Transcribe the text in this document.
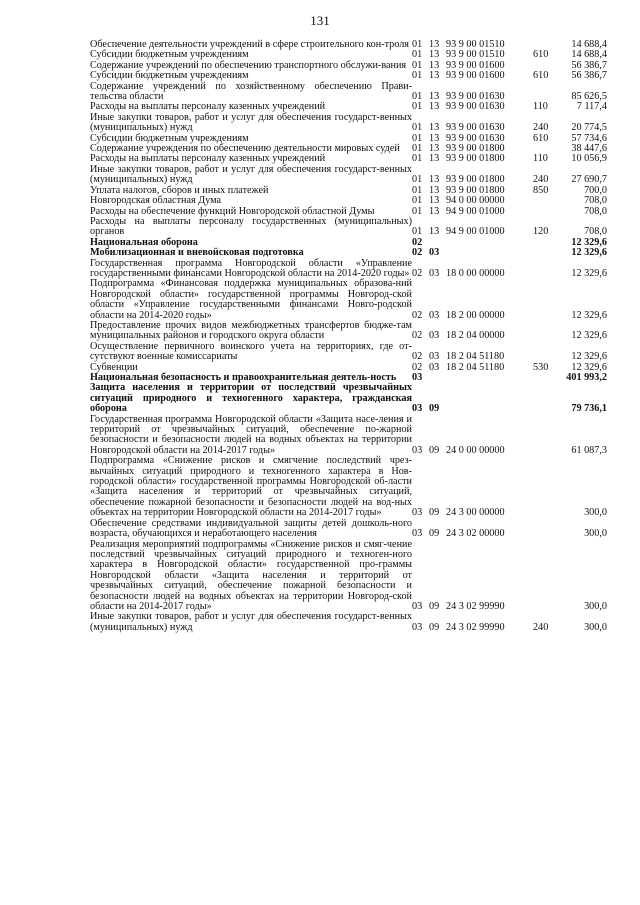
131
Обеспечение деятельности учреждений в сфере строительного кон-троля	01	13	93 9 00 01510		14 688,4
Субсидии бюджетным учреждениям	01	13	93 9 00 01510	610	14 688,4
Содержание учреждений по обеспечению транспортного обслужи-вания	01	13	93 9 00 01600		56 386,7
Субсидии бюджетным учреждениям	01	13	93 9 00 01600	610	56 386,7
Содержание учреждений по хозяйственному обеспечению Прави-тельства области	01	13	93 9 00 01630		85 626,5
Расходы на выплаты персоналу казенных учреждений	01	13	93 9 00 01630	110	7 117,4
Иные закупки товаров, работ и услуг для обеспечения государст-венных (муниципальных) нужд	01	13	93 9 00 01630	240	20 774,5
Субсидии бюджетным учреждениям	01	13	93 9 00 01630	610	57 734,6
Содержание учреждения по обеспечению деятельности мировых судей	01	13	93 9 00 01800		38 447,6
Расходы на выплаты персоналу казенных учреждений	01	13	93 9 00 01800	110	10 056,9
Иные закупки товаров, работ и услуг для обеспечения государст-венных (муниципальных) нужд	01	13	93 9 00 01800	240	27 690,7
Уплата налогов, сборов и иных платежей	01	13	93 9 00 01800	850	700,0
Новгородская областная Дума	01	13	94 0 00 00000		708,0
Расходы на обеспечение функций Новгородской областной Думы	01	13	94 9 00 01000		708,0
Расходы на выплаты персоналу государственных (муниципальных) органов	01	13	94 9 00 01000	120	708,0
Национальная оборона	02				12 329,6
Мобилизационная и вневойсковая подготовка	02	03			12 329,6
Государственная программа Новгородской области «Управление государственными финансами Новгородской области на 2014-2020 годы»	02	03	18 0 00 00000		12 329,6
Подпрограмма «Финансовая поддержка муниципальных образова-ний Новгородской области» государственной программы Новгород-ской области «Управление государственными финансами Новго-родской области на 2014-2020 годы»	02	03	18 2 00 00000		12 329,6
Предоставление прочих видов межбюджетных трансфертов бюдже-там муниципальных районов и городского округа области	02	03	18 2 04 00000		12 329,6
Осуществление первичного воинского учета на территориях, где от-сутствуют военные комиссариаты	02	03	18 2 04 51180		12 329,6
Субвенции	02	03	18 2 04 51180	530	12 329,6
Национальная безопасность и правоохранительная деятель-ность	03				401 993,2
Защита населения и территории от последствий чрезвычайных ситуаций природного и техногенного характера, гражданская оборона	03	09			79 736,1
Государственная программа Новгородской области «Защита насе-ления и территорий от чрезвычайных ситуаций, обеспечение по-жарной безопасности и безопасности людей на водных объектах на территории Новгородской области на 2014-2017 годы»	03	09	24 0 00 00000		61 087,3
Подпрограмма «Снижение рисков и смягчение последствий чрез-вычайных ситуаций природного и техногенного характера в Нов-городской области» государственной программы Новгородской об-ласти «Защита населения и территорий от чрезвычайных ситуаций, обеспечение пожарной безопасности и безопасности людей на вод-ных объектах на территории Новгородской области на 2014-2017 годы»	03	09	24 3 00 00000		300,0
Обеспечение средствами индивидуальной защиты детей дошколь-ного возраста, обучающихся и неработающего населения	03	09	24 3 02 00000		300,0
Реализация мероприятий подпрограммы «Снижение рисков и смяг-чение последствий чрезвычайных ситуаций природного и техноген-ного характера в Новгородской области» государственной про-граммы Новгородской области «Защита населения и территорий от чрезвычайных ситуаций, обеспечение пожарной безопасности и безопасности людей на водных объектах на территории Новгород-ской области на 2014-2017 годы»	03	09	24 3 02 99990		300,0
Иные закупки товаров, работ и услуг для обеспечения государст-венных (муниципальных) нужд	03	09	24 3 02 99990	240	300,0
